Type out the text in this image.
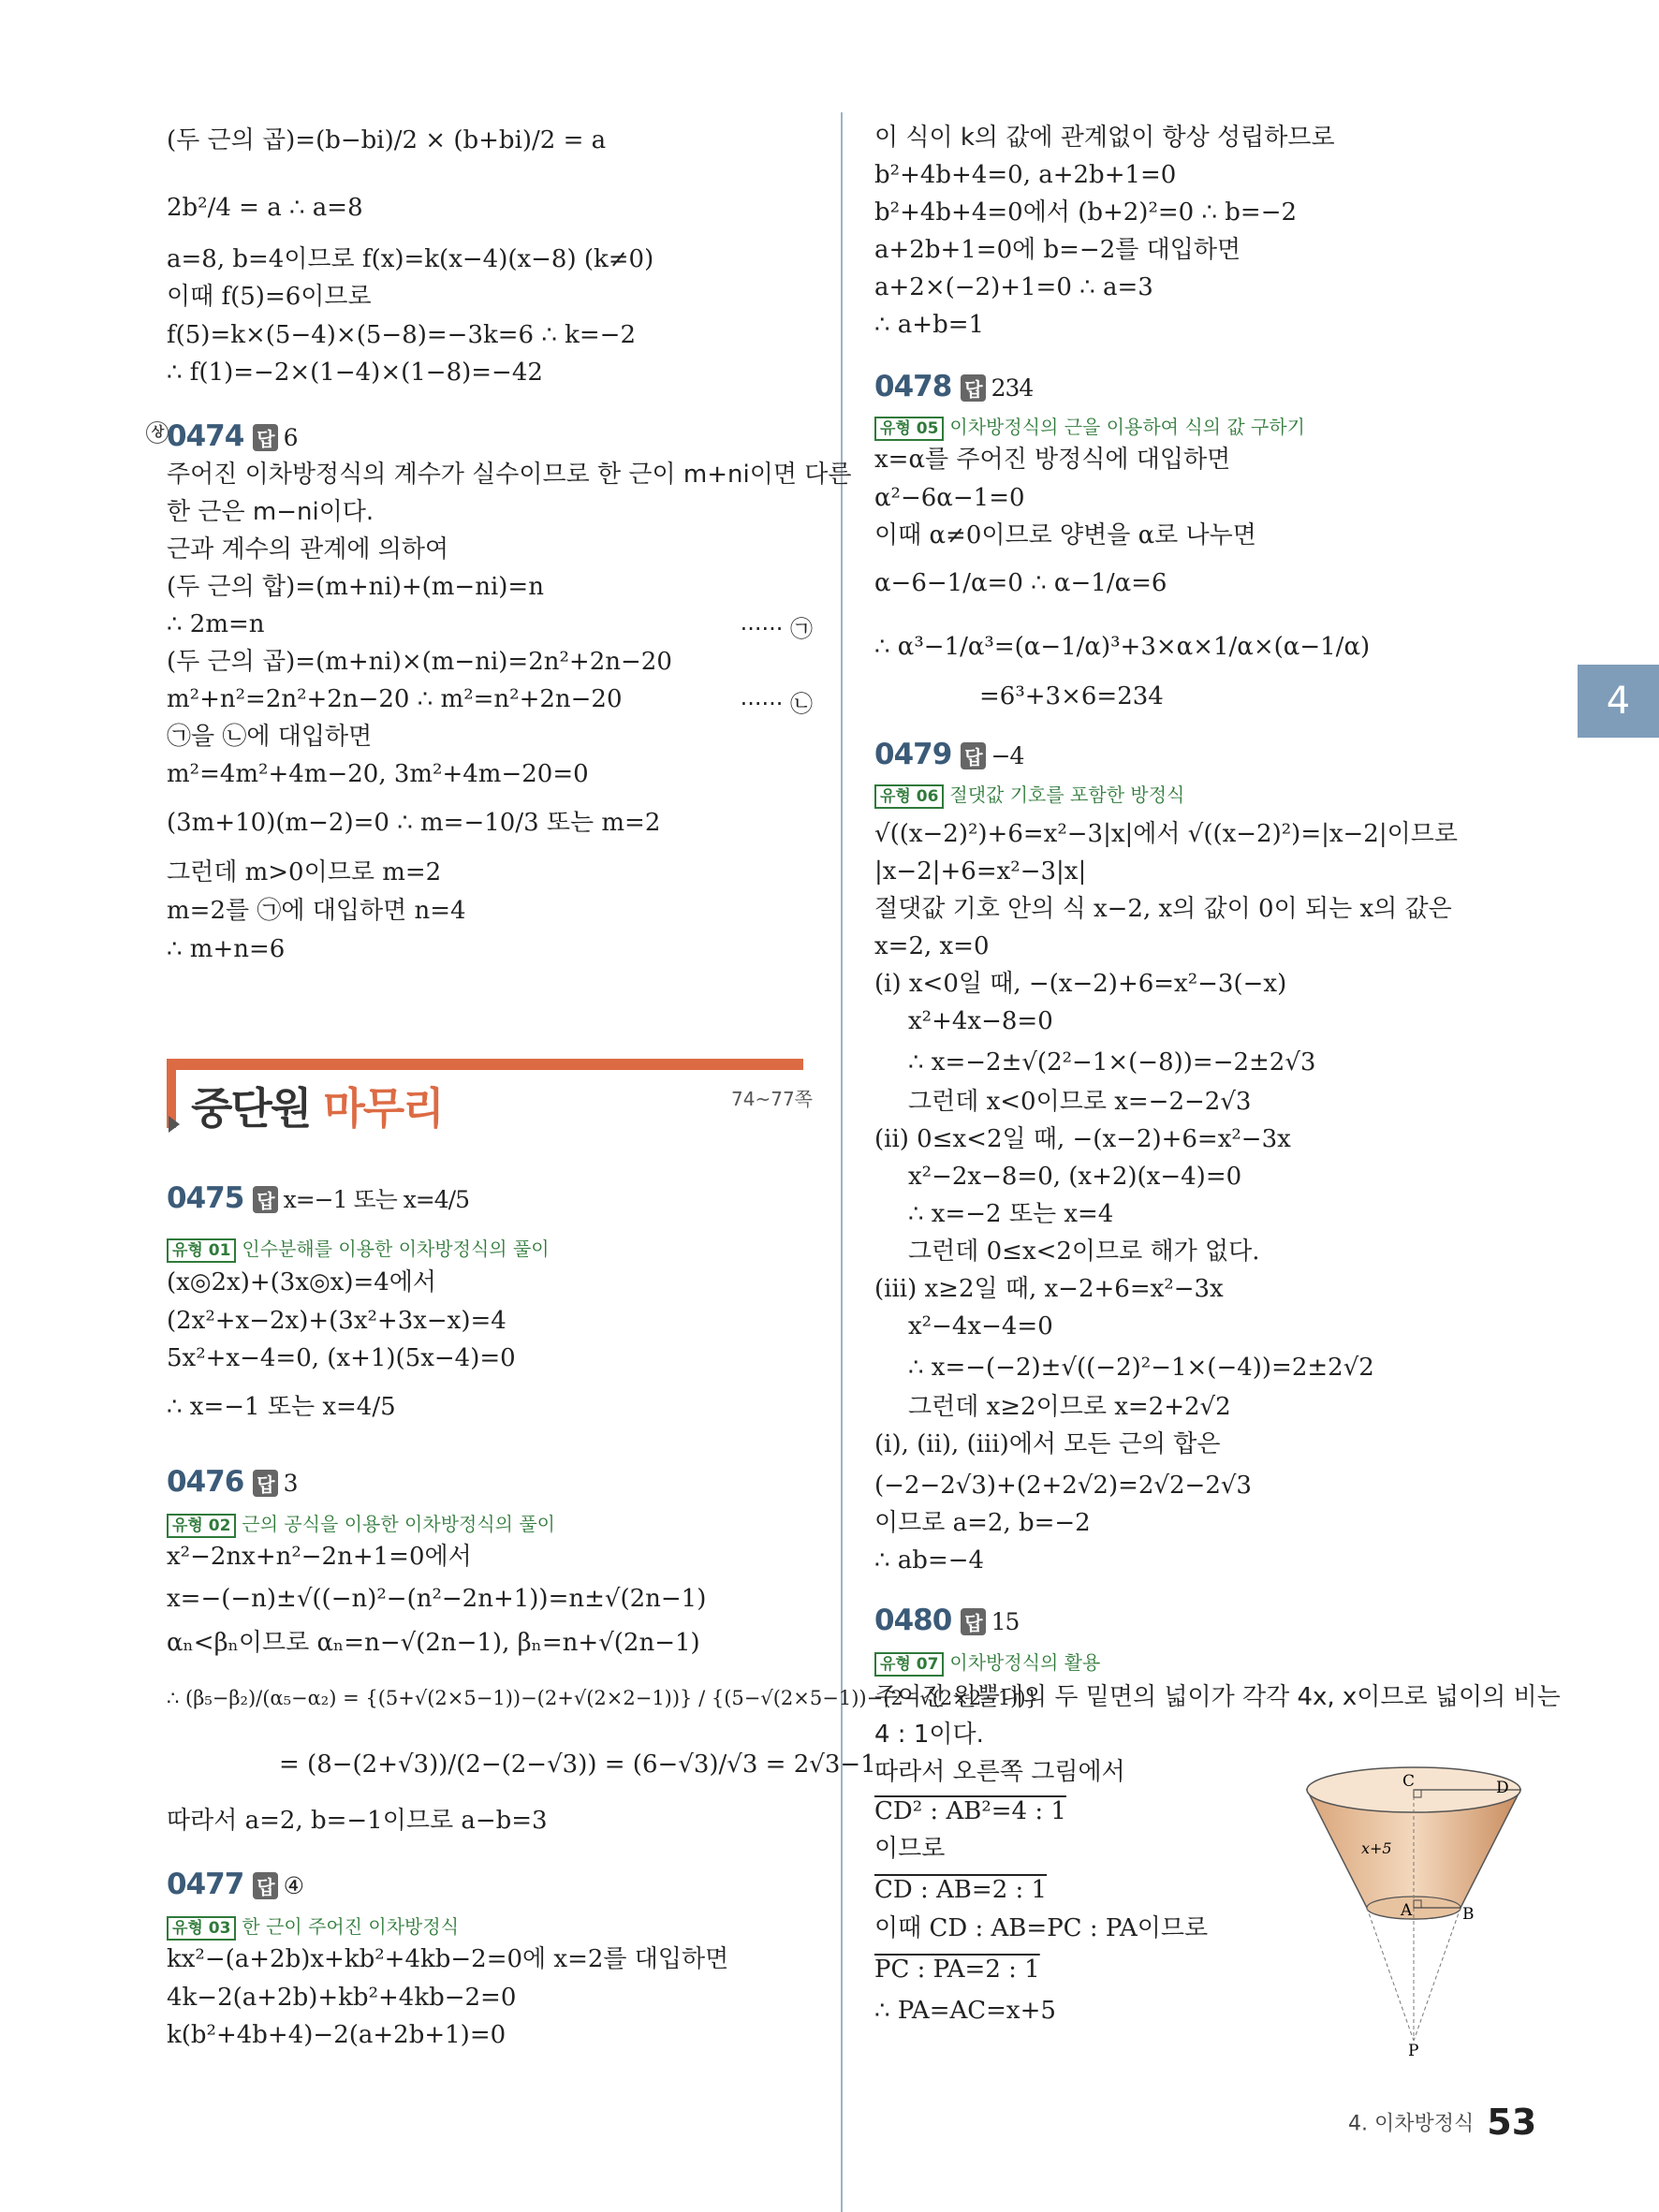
(두 근의 곱)=(b−bi)/2 × (b+bi)/2 = a
2b²/4 = a ∴ a=8
a=8, b=4이므로 f(x)=k(x−4)(x−8) (k≠0)
이때 f(5)=6이므로
f(5)=k×(5−4)×(5−8)=−3k=6 ∴ k=−2
∴ f(1)=−2×(1−4)×(1−8)=−42
상 0474 답 6
주어진 이차방정식의 계수가 실수이므로 한 근이 m+ni이면 다른
한 근은 m−ni이다.
근과 계수의 관계에 의하여
(두 근의 합)=(m+ni)+(m−ni)=n
∴ 2m=n	······ ㉠
(두 근의 곱)=(m+ni)×(m−ni)=2n²+2n−20
m²+n²=2n²+2n−20 ∴ m²=n²+2n−20	······ ㉡
㉠을 ㉡에 대입하면
m²=4m²+4m−20, 3m²+4m−20=0
(3m+10)(m−2)=0 ∴ m=−10/3 또는 m=2
그런데 m>0이므로 m=2
m=2를 ㉠에 대입하면 n=4
∴ m+n=6
중단원 마무리	74~77쪽
0475 답 x=−1 또는 x=4/5
유형 01 인수분해를 이용한 이차방정식의 풀이
(x◎2x)+(3x◎x)=4에서
(2x²+x−2x)+(3x²+3x−x)=4
5x²+x−4=0, (x+1)(5x−4)=0
∴ x=−1 또는 x=4/5
0476 답 3
유형 02 근의 공식을 이용한 이차방정식의 풀이
x²−2nx+n²−2n+1=0에서
x=−(−n)±√((−n)²−(n²−2n+1))=n±√(2n−1)
αₙ<βₙ이므로 αₙ=n−√(2n−1), βₙ=n+√(2n−1)
∴ (β₅−β₂)/(α₅−α₂) = {(5+√(2×5−1))−(2+√(2×2−1))} / {(5−√(2×5−1))−(2−√(2×2−1))}
= (8−(2+√3))/(2−(2−√3)) = (6−√3)/√3 = 2√3−1
따라서 a=2, b=−1이므로 a−b=3
0477 답 ④
유형 03 한 근이 주어진 이차방정식
kx²−(a+2b)x+kb²+4kb−2=0에 x=2를 대입하면
4k−2(a+2b)+kb²+4kb−2=0
k(b²+4b+4)−2(a+2b+1)=0
이 식이 k의 값에 관계없이 항상 성립하므로
b²+4b+4=0, a+2b+1=0
b²+4b+4=0에서 (b+2)²=0 ∴ b=−2
a+2b+1=0에 b=−2를 대입하면
a+2×(−2)+1=0 ∴ a=3
∴ a+b=1
0478 답 234
유형 05 이차방정식의 근을 이용하여 식의 값 구하기
x=α를 주어진 방정식에 대입하면
α²−6α−1=0
이때 α≠0이므로 양변을 α로 나누면
α−6−1/α=0 ∴ α−1/α=6
∴ α³−1/α³=(α−1/α)³+3×α×1/α×(α−1/α)
=6³+3×6=234
0479 답 −4
유형 06 절댓값 기호를 포함한 방정식
√((x−2)²)+6=x²−3|x|에서 √((x−2)²)=|x−2|이므로
|x−2|+6=x²−3|x|
절댓값 기호 안의 식 x−2, x의 값이 0이 되는 x의 값은
x=2, x=0
(i) x<0일 때, −(x−2)+6=x²−3(−x)
x²+4x−8=0
∴ x=−2±√(2²−1×(−8))=−2±2√3
그런데 x<0이므로 x=−2−2√3
(ii) 0≤x<2일 때, −(x−2)+6=x²−3x
x²−2x−8=0, (x+2)(x−4)=0
∴ x=−2 또는 x=4
그런데 0≤x<2이므로 해가 없다.
(iii) x≥2일 때, x−2+6=x²−3x
x²−4x−4=0
∴ x=−(−2)±√((−2)²−1×(−4))=2±2√2
그런데 x≥2이므로 x=2+2√2
(i), (ii), (iii)에서 모든 근의 합은
(−2−2√3)+(2+2√2)=2√2−2√3
이므로 a=2, b=−2
∴ ab=−4
0480 답 15
유형 07 이차방정식의 활용
주어진 원뿔대의 두 밑면의 넓이가 각각 4x, x이므로 넓이의 비는
4 : 1이다.
따라서 오른쪽 그림에서
CD² : AB²=4 : 1
이므로
CD : AB=2 : 1
이때 CD : AB=PC : PA이므로
PC : PA=2 : 1
∴ PA=AC=x+5
C	D
A	B
P
x+5
4
4. 이차방정식 53
